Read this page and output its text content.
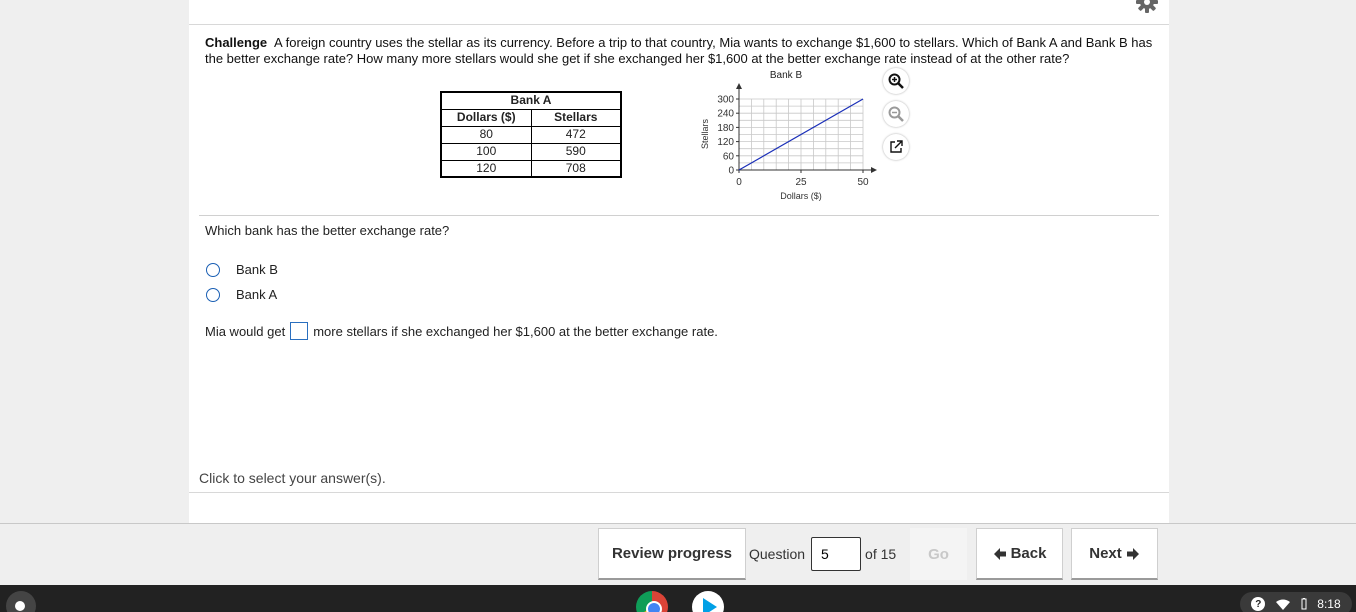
Challenge A foreign country uses the stellar as its currency. Before a trip to that country, Mia wants to exchange $1,600 to stellars. Which of Bank A and Bank B has the better exchange rate? How many more stellars would she get if she exchanged her $1,600 at the better exchange rate instead of at the other rate?
Bank A	
Dollars ($)	Stellars
80	472
100	590
120	708
Bank B
Stellars
Dollars ($)
0	25	50
0
60
120
180
240
300
Which bank has the better exchange rate?
Bank B
Bank A
Mia would get more stellars if she exchanged her $1,600 at the better exchange rate.
Click to select your answer(s).
Review progress Question
5	of 15 Go	Back	Next
?	8:18
